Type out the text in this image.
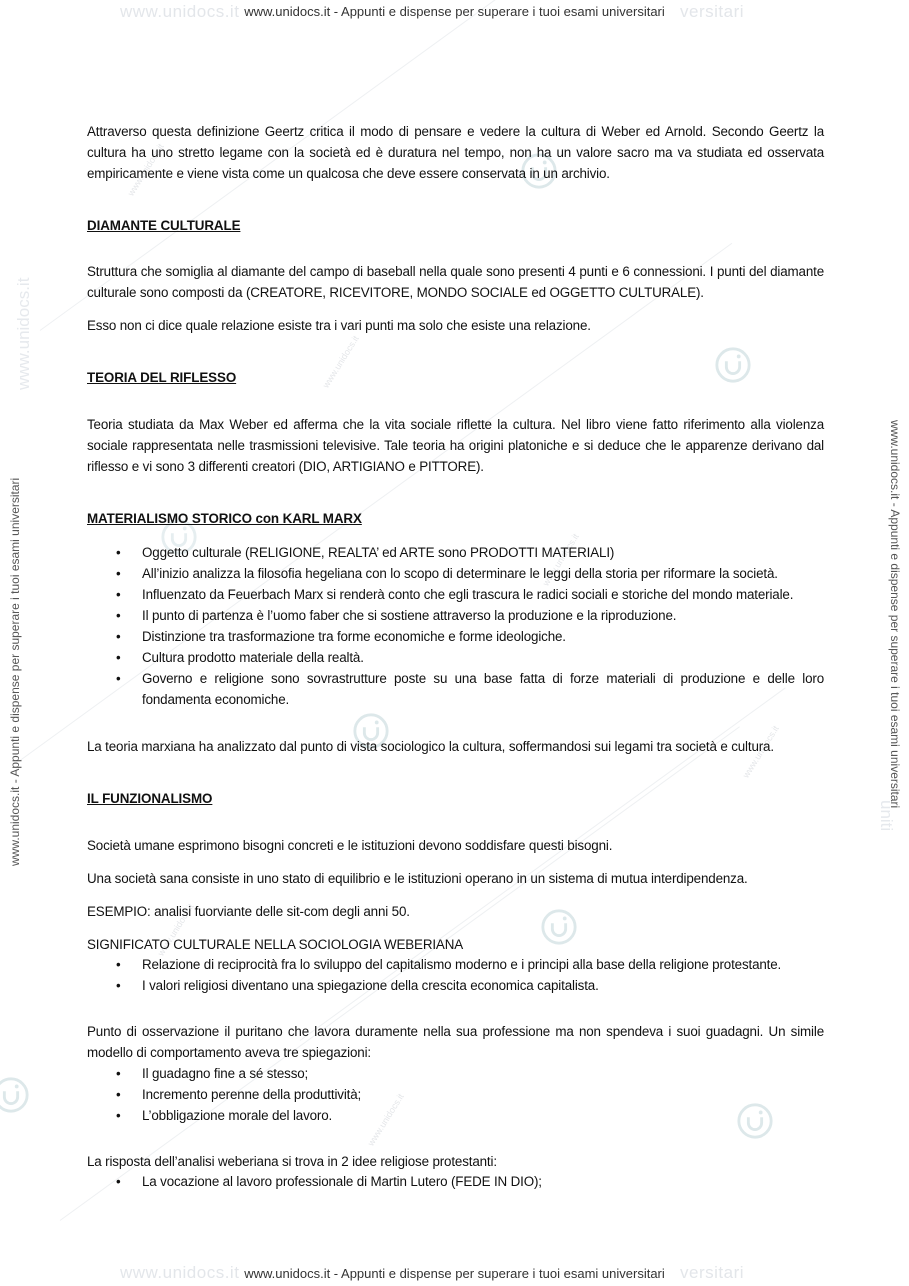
www.unidocs.it	versitari
www.unidocs.it	versitari
www.unidocs.it - Appunti e dispense per superare i tuoi esami universitari
www.unidocs.it - Appunti e dispense per superare i tuoi esami universitari
www.unidocs.it - Appunti e dispense per superare i tuoi esami universitari	www.unidocs.it - Appunti e dispense per superare i tuoi esami universitari
www.unidocs.it
uniti
www.unidocs.it
www.unidocs.it
www.unidocs.it
www.unidocs.it
www.unidocs.it
www.unidocs.it

Attraverso questa definizione Geertz critica il modo di pensare e vedere la cultura di Weber ed Arnold. Secondo Geertz la cultura ha uno stretto legame con la società ed è duratura nel tempo, non ha un valore sacro ma va studiata ed osservata empiricamente e viene vista come un qualcosa che deve essere conservata in un archivio.

DIAMANTE CULTURALE

Struttura che somiglia al diamante del campo di baseball nella quale sono presenti 4 punti e 6 connessioni. I punti del diamante culturale sono composti da (CREATORE, RICEVITORE, MONDO SOCIALE ed OGGETTO CULTURALE).

Esso non ci dice quale relazione esiste tra i vari punti ma solo che esiste una relazione.

TEORIA DEL RIFLESSO

Teoria studiata da Max Weber ed afferma che la vita sociale riflette la cultura. Nel libro viene fatto riferimento alla violenza sociale rappresentata nelle trasmissioni televisive. Tale teoria ha origini platoniche e si deduce che le apparenze derivano dal riflesso e vi sono 3 differenti creatori (DIO, ARTIGIANO e PITTORE).

MATERIALISMO STORICO con KARL MARX
• Oggetto culturale (RELIGIONE, REALTA’ ed ARTE sono PRODOTTI MATERIALI)
• All’inizio analizza la filosofia hegeliana con lo scopo di determinare le leggi della storia per riformare la società.
• Influenzato da Feuerbach Marx si renderà conto che egli trascura le radici sociali e storiche del mondo materiale.
• Il punto di partenza è l’uomo faber che si sostiene attraverso la produzione e la riproduzione.
• Distinzione tra trasformazione tra forme economiche e forme ideologiche.
• Cultura prodotto materiale della realtà.
• Governo e religione sono sovrastrutture poste su una base fatta di forze materiali di produzione e delle loro fondamenta economiche.

La teoria marxiana ha analizzato dal punto di vista sociologico la cultura, soffermandosi sui legami tra società e cultura.

IL FUNZIONALISMO

Società umane esprimono bisogni concreti e le istituzioni devono soddisfare questi bisogni.

Una società sana consiste in uno stato di equilibrio e le istituzioni operano in un sistema di mutua interdipendenza.

ESEMPIO: analisi fuorviante delle sit-com degli anni 50.

SIGNIFICATO CULTURALE NELLA SOCIOLOGIA WEBERIANA

• Relazione di reciprocità fra lo sviluppo del capitalismo moderno e i principi alla base della religione protestante.
• I valori religiosi diventano una spiegazione della crescita economica capitalista.

Punto di osservazione il puritano che lavora duramente nella sua professione ma non spendeva i suoi guadagni. Un simile modello di comportamento aveva tre spiegazioni:

• Il guadagno fine a sé stesso;
• Incremento perenne della produttività;
• L’obbligazione morale del lavoro.

La risposta dell’analisi weberiana si trova in 2 idee religiose protestanti:

• La vocazione al lavoro professionale di Martin Lutero (FEDE IN DIO);
